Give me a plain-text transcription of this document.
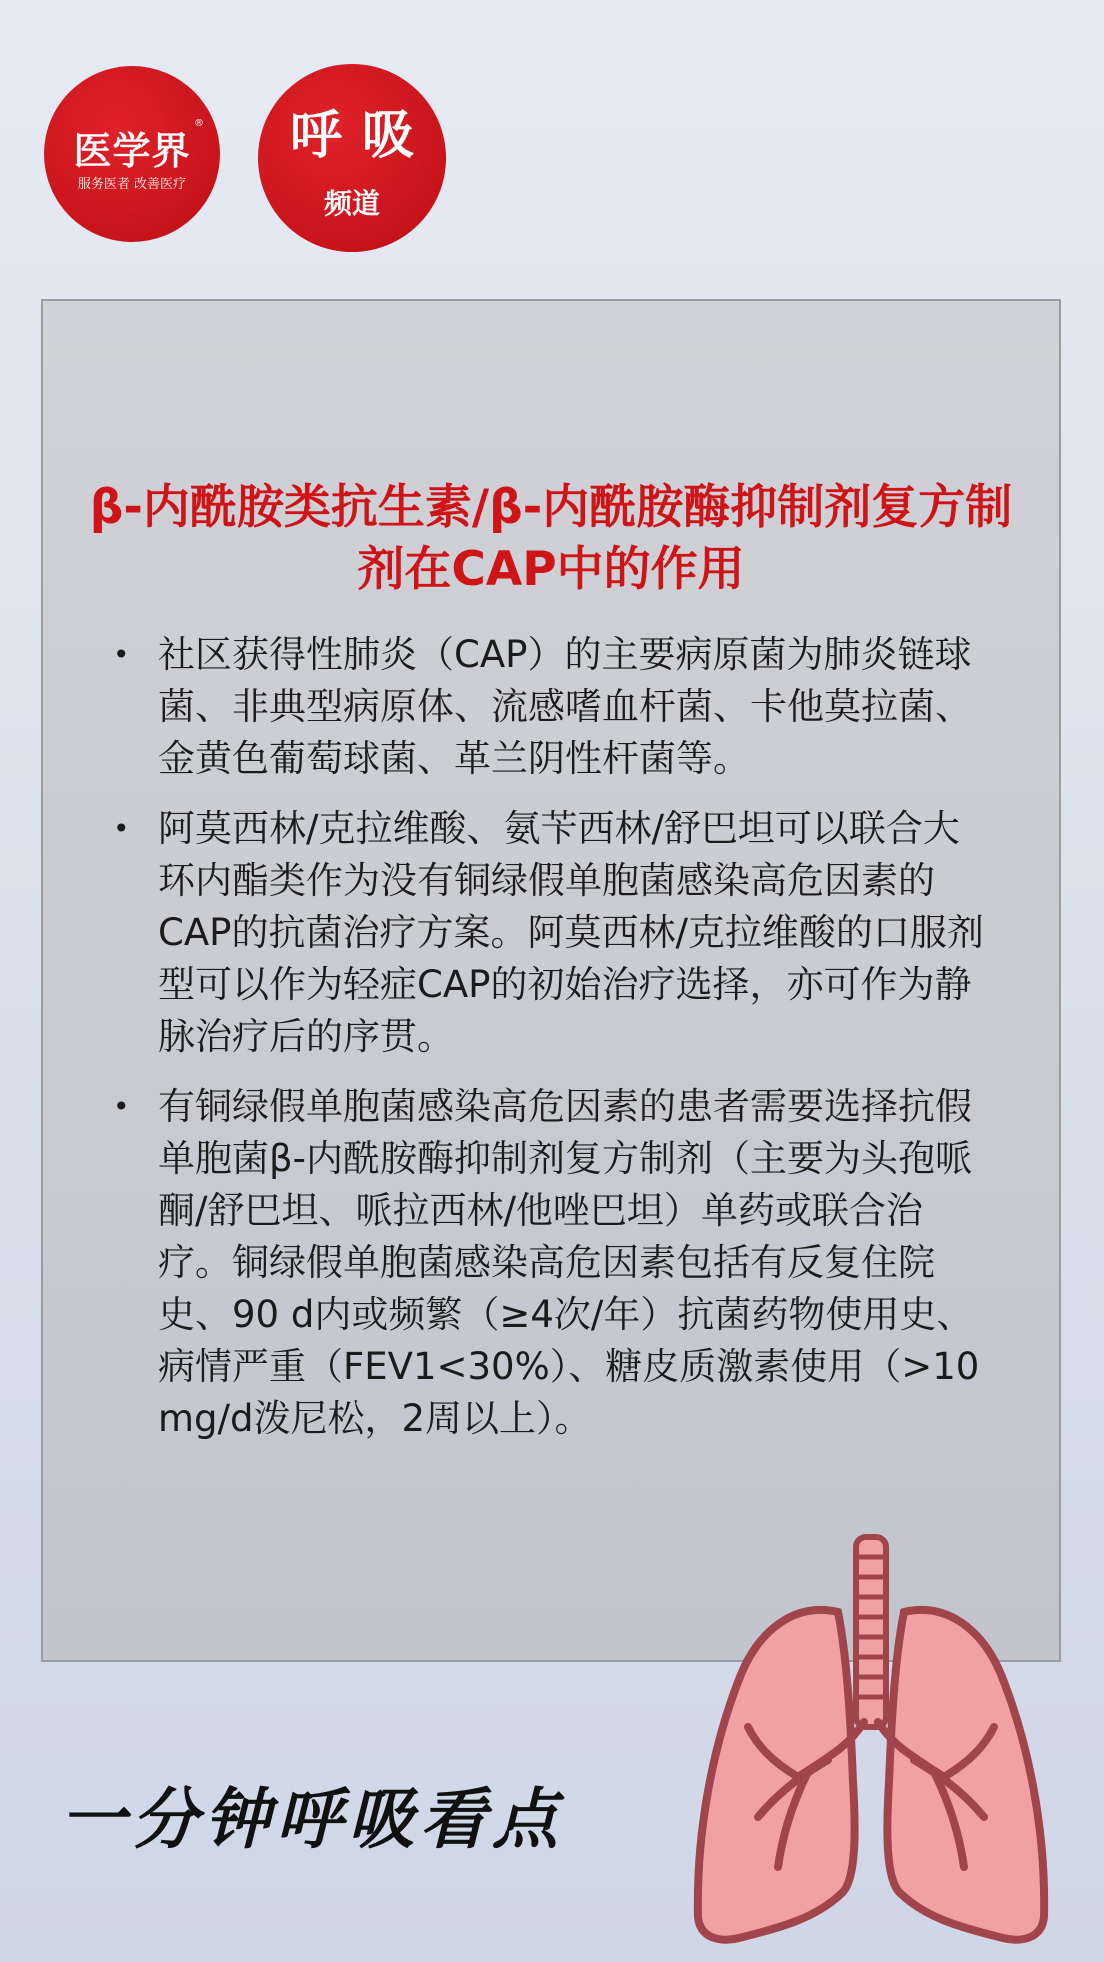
医学界
®
服务医者 改善医疗
呼吸
频道
β-内酰胺类抗生素/β-内酰胺酶抑制剂复方制剂在CAP中的作用
• 社区获得性肺炎（CAP）的主要病原菌为肺炎链球菌、非典型病原体、流感嗜血杆菌、卡他莫拉菌、金黄色葡萄球菌、革兰阴性杆菌等。
• 阿莫西林/克拉维酸、氨苄西林/舒巴坦可以联合大环内酯类作为没有铜绿假单胞菌感染高危因素的CAP的抗菌治疗方案。阿莫西林/克拉维酸的口服剂型可以作为轻症CAP的初始治疗选择，亦可作为静脉治疗后的序贯。
• 有铜绿假单胞菌感染高危因素的患者需要选择抗假单胞菌β-内酰胺酶抑制剂复方制剂（主要为头孢哌酮/舒巴坦、哌拉西林/他唑巴坦）单药或联合治疗。铜绿假单胞菌感染高危因素包括有反复住院史、90 d内或频繁（≥4次/年）抗菌药物使用史、病情严重（FEV1<30%）、糖皮质激素使用（>10 mg/d泼尼松，2周以上）。
一分钟呼吸看点
